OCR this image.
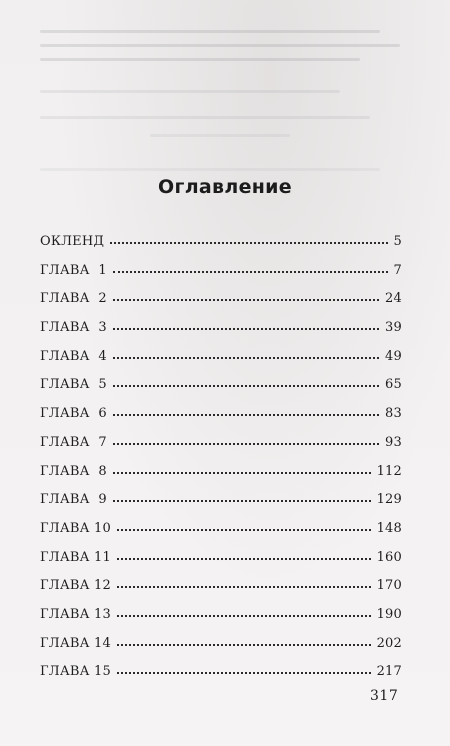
Оглавление
ОКЛЕНД	5
ГЛАВА  1	7
ГЛАВА  2	24
ГЛАВА  3	39
ГЛАВА  4	49
ГЛАВА  5	65
ГЛАВА  6	83
ГЛАВА  7	93
ГЛАВА  8	112
ГЛАВА  9	129
ГЛАВА 10	148
ГЛАВА 11	160
ГЛАВА 12	170
ГЛАВА 13	190
ГЛАВА 14	202
ГЛАВА 15	217
317
